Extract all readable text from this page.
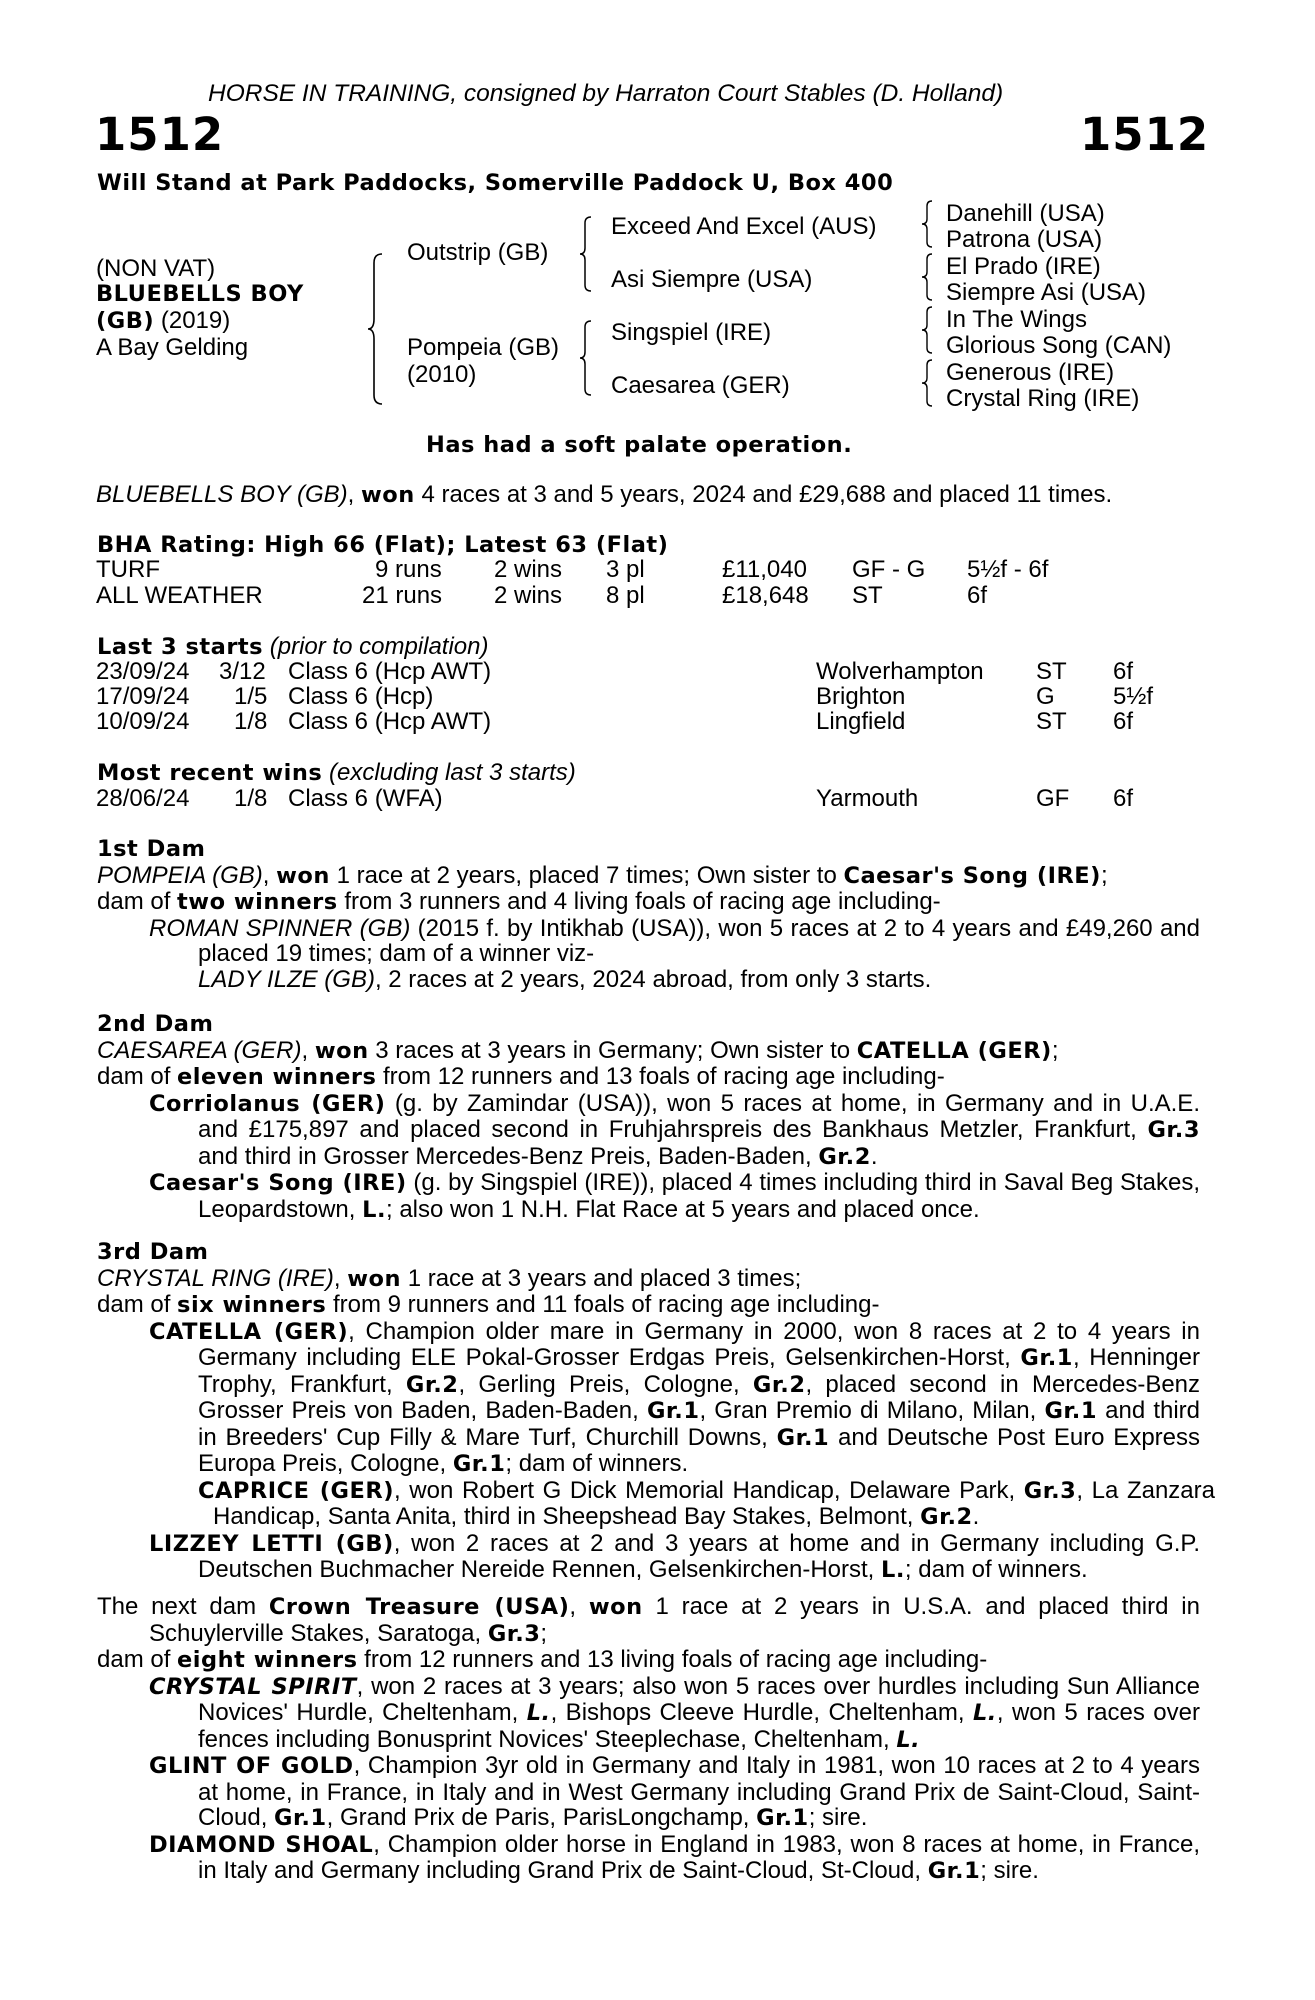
HORSE IN TRAINING, consigned by Harraton Court Stables (D. Holland)
1512	1512
Will Stand at Park Paddocks, Somerville Paddock U, Box 400
(NON VAT)
BLUEBELLS BOY
(GB) (2019)
A Bay Gelding
Outstrip (GB)
Pompeia (GB)
(2010)
Exceed And Excel (AUS)
Asi Siempre (USA)
Singspiel (IRE)
Caesarea (GER)
Danehill (USA)
Patrona (USA)
El Prado (IRE)
Siempre Asi (USA)
In The Wings
Glorious Song (CAN)
Generous (IRE)
Crystal Ring (IRE)
Has had a soft palate operation.
BLUEBELLS BOY (GB), won 4 races at 3 and 5 years, 2024 and £29,688 and placed 11 times.
BHA Rating: High 66 (Flat); Latest 63 (Flat)
TURF	9 runs 2 wins 3 pl	£11,040 GF - G 5½f - 6f
ALL WEATHER	21 runs 2 wins 8 pl	£18,648 ST	6f
Last 3 starts (prior to compilation)
23/09/24 3/12 Class 6 (Hcp AWT)	Wolverhampton ST 6f
17/09/24 1/5 Class 6 (Hcp)	Brighton	G 5½f
10/09/24 1/8 Class 6 (Hcp AWT)	Lingfield	ST 6f
Most recent wins (excluding last 3 starts)
28/06/24 1/8 Class 6 (WFA)	Yarmouth	GF 6f

1st Dam

POMPEIA (GB), won 1 race at 2 years, placed 7 times; Own sister to Caesar's Song (IRE);

dam of two winners from 3 runners and 4 living foals of racing age including-

ROMAN SPINNER (GB) (2015 f. by Intikhab (USA)), won 5 races at 2 to 4 years and £49,260 and placed 19 times; dam of a winner viz-

LADY ILZE (GB), 2 races at 2 years, 2024 abroad, from only 3 starts.

2nd Dam

CAESAREA (GER), won 3 races at 3 years in Germany; Own sister to CATELLA (GER);

dam of eleven winners from 12 runners and 13 foals of racing age including-

Corriolanus (GER) (g. by Zamindar (USA)), won 5 races at home, in Germany and in U.A.E. and £175,897 and placed second in Fruhjahrspreis des Bankhaus Metzler, Frankfurt, Gr.3 and third in Grosser Mercedes-Benz Preis, Baden-Baden, Gr.2.

Caesar's Song (IRE) (g. by Singspiel (IRE)), placed 4 times including third in Saval Beg Stakes, Leopardstown, L.; also won 1 N.H. Flat Race at 5 years and placed once.

3rd Dam

CRYSTAL RING (IRE), won 1 race at 3 years and placed 3 times;

dam of six winners from 9 runners and 11 foals of racing age including-

CATELLA (GER), Champion older mare in Germany in 2000, won 8 races at 2 to 4 years in Germany including ELE Pokal-Grosser Erdgas Preis, Gelsenkirchen-Horst, Gr.1, Henninger Trophy, Frankfurt, Gr.2, Gerling Preis, Cologne, Gr.2, placed second in Mercedes-Benz Grosser Preis von Baden, Baden-Baden, Gr.1, Gran Premio di Milano, Milan, Gr.1 and third in Breeders' Cup Filly & Mare Turf, Churchill Downs, Gr.1 and Deutsche Post Euro Express Europa Preis, Cologne, Gr.1; dam of winners.

CAPRICE (GER), won Robert G Dick Memorial Handicap, Delaware Park, Gr.3, La Zanzara Handicap, Santa Anita, third in Sheepshead Bay Stakes, Belmont, Gr.2.

LIZZEY LETTI (GB), won 2 races at 2 and 3 years at home and in Germany including G.P. Deutschen Buchmacher Nereide Rennen, Gelsenkirchen-Horst, L.; dam of winners.

The next dam Crown Treasure (USA), won 1 race at 2 years in U.S.A. and placed third in Schuylerville Stakes, Saratoga, Gr.3;

dam of eight winners from 12 runners and 13 living foals of racing age including-

CRYSTAL SPIRIT, won 2 races at 3 years; also won 5 races over hurdles including Sun Alliance Novices' Hurdle, Cheltenham, L., Bishops Cleeve Hurdle, Cheltenham, L., won 5 races over fences including Bonusprint Novices' Steeplechase, Cheltenham, L.

GLINT OF GOLD, Champion 3yr old in Germany and Italy in 1981, won 10 races at 2 to 4 years at home, in France, in Italy and in West Germany including Grand Prix de Saint-Cloud, Saint-Cloud, Gr.1, Grand Prix de Paris, ParisLongchamp, Gr.1; sire.

DIAMOND SHOAL, Champion older horse in England in 1983, won 8 races at home, in France, in Italy and Germany including Grand Prix de Saint-Cloud, St-Cloud, Gr.1; sire.
